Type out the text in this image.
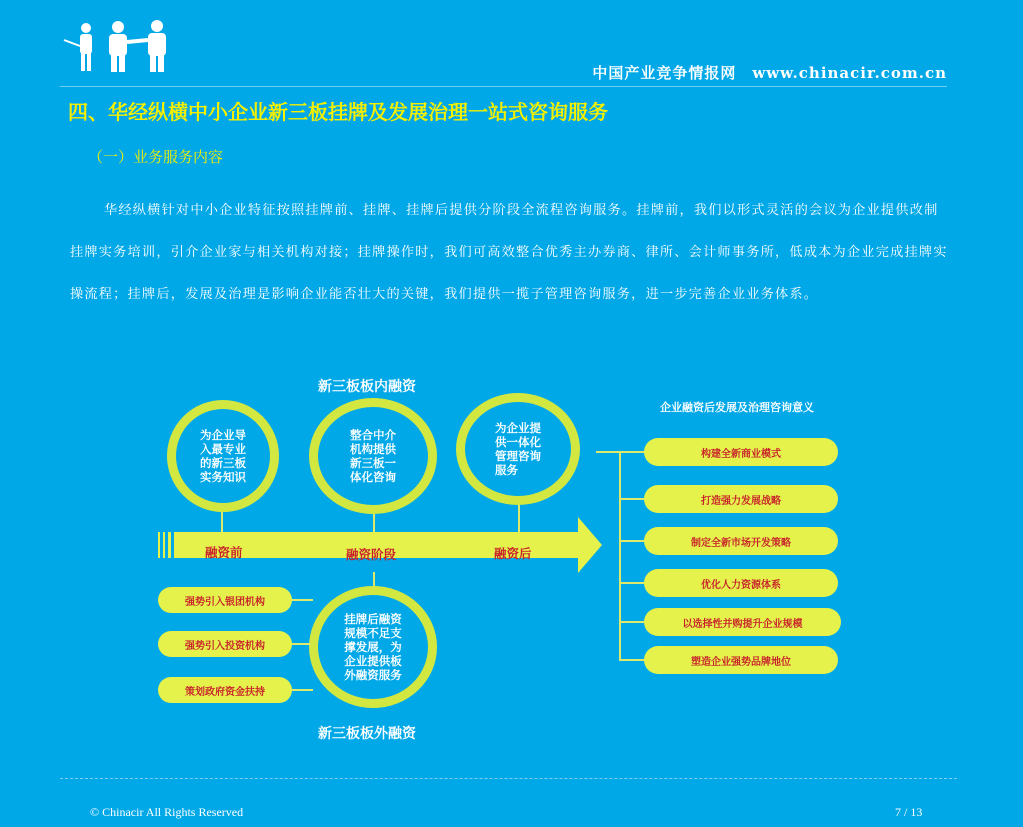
中国产业竞争情报网　www.chinacir.com.cn
四、华经纵横中小企业新三板挂牌及发展治理一站式咨询服务
（一）业务服务内容
华经纵横针对中小企业特征按照挂牌前、挂牌、挂牌后提供分阶段全流程咨询服务。挂牌前，我们以形式灵活的会议为企业提供改制挂牌实务培训，引介企业家与相关机构对接；挂牌操作时，我们可高效整合优秀主办券商、律所、会计师事务所，低成本为企业完成挂牌实操流程；挂牌后，发展及治理是影响企业能否壮大的关键，我们提供一揽子管理咨询服务，进一步完善企业业务体系。
新三板板内融资
新三板板外融资
企业融资后发展及治理咨询意义
融资前	融资阶段	融资后
为企业导
入最专业
的新三板
实务知识
整合中介
机构提供
新三板一
体化咨询
为企业提
供一体化
管理咨询
服务
挂牌后融资
规模不足支
撑发展，为
企业提供板
外融资服务
强势引入银团机构
强势引入投资机构
策划政府资金扶持
构建全新商业模式
打造强力发展战略
制定全新市场开发策略
优化人力资源体系
以选择性并购提升企业规模
塑造企业强势品牌地位
© Chinacir All Rights Reserved	7 / 13
